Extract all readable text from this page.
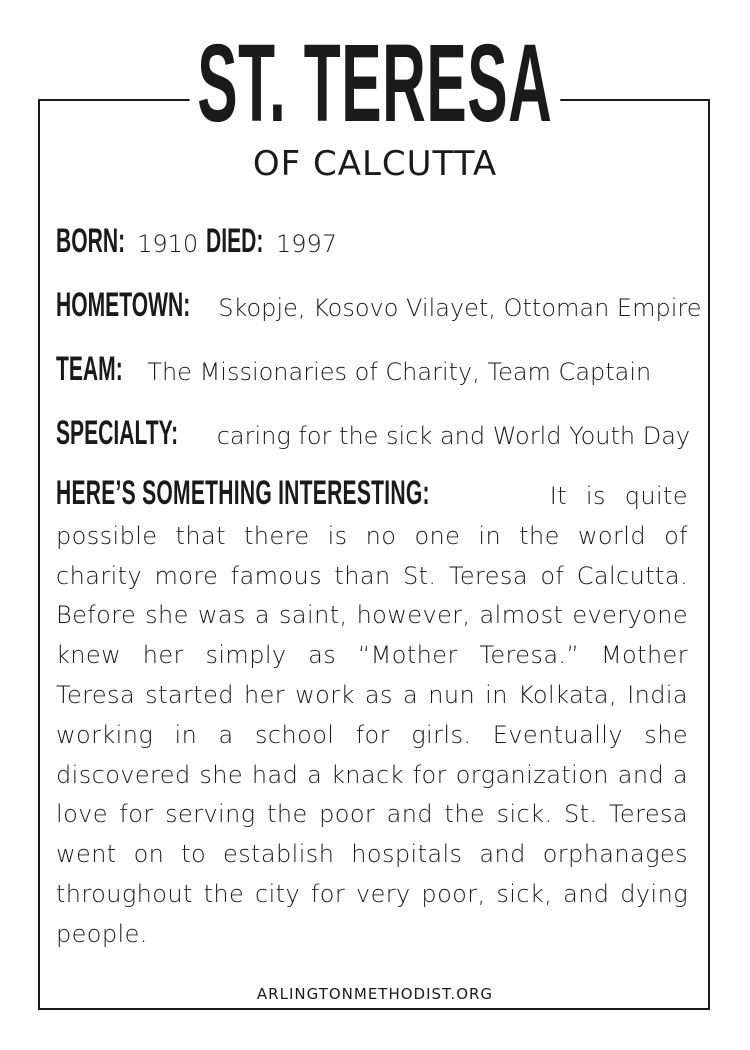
ST. TERESA
OF CALCUTTA
BORN: 1910 DIED: 1997
HOMETOWN: Skopje, Kosovo Vilayet, Ottoman Empire
TEAM: The Missionaries of Charity, Team Captain
SPECIALTY: caring for the sick and World Youth Day
HERE’S SOMETHING INTERESTING:	It is quite possible that there is no one in the world of charity more famous than St. Teresa of Calcutta. Before she was a saint, however, almost everyone knew her simply as “Mother Teresa.” Mother Teresa started her work as a nun in Kolkata, India working in a school for girls. Eventually she discovered she had a knack for organization and a love for serving the poor and the sick. St. Teresa went on to establish hospitals and orphanages throughout the city for very poor, sick, and dying people.
ARLINGTONMETHODIST.ORG
